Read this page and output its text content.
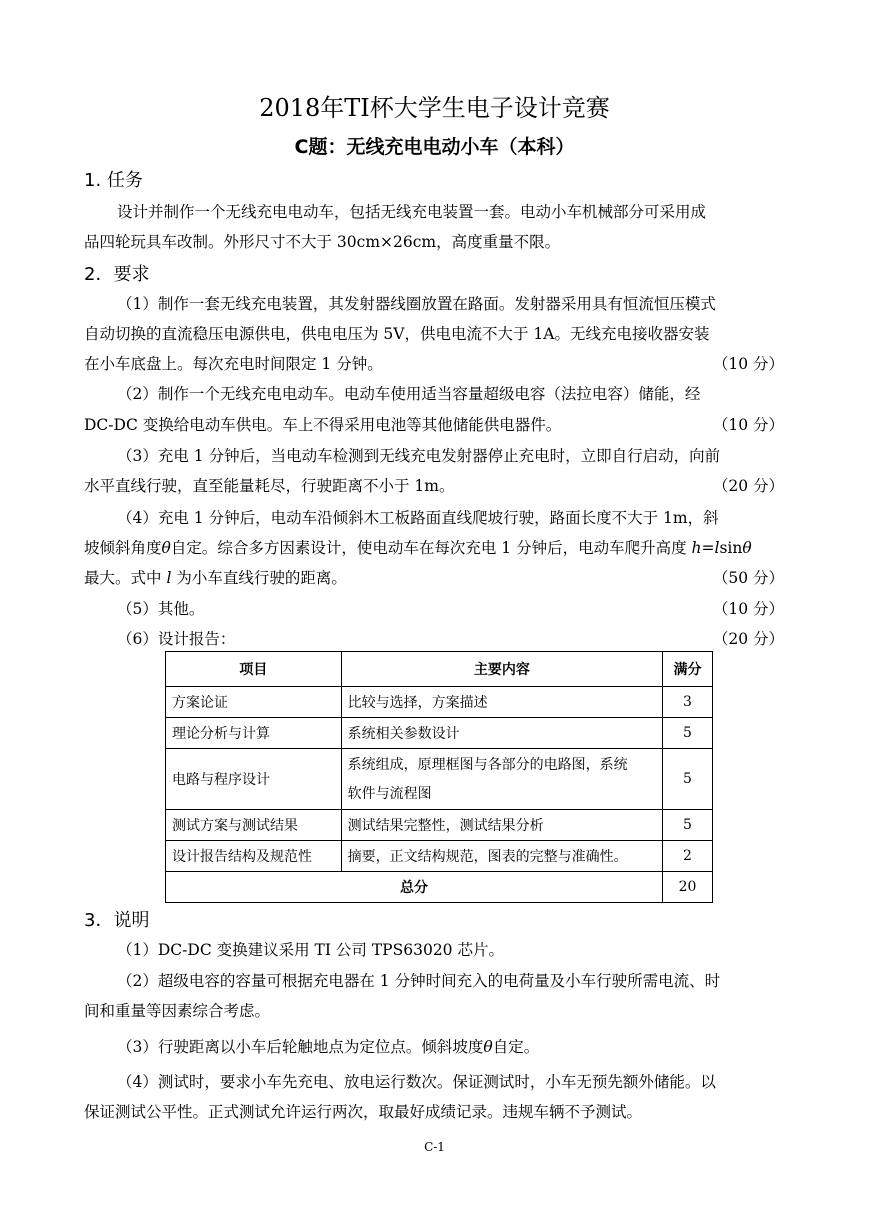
2018年TI杯大学生电子设计竞赛
C题：无线充电电动小车（本科）
1. 任务
设计并制作一个无线充电电动车，包括无线充电装置一套。电动小车机械部分可采用成
品四轮玩具车改制。外形尺寸不大于 30cm×26cm，高度重量不限。
2．要求
（1）制作一套无线充电装置，其发射器线圈放置在路面。发射器采用具有恒流恒压模式
自动切换的直流稳压电源供电，供电电压为 5V，供电电流不大于 1A。无线充电接收器安装
在小车底盘上。每次充电时间限定 1 分钟。	（10 分）
（2）制作一个无线充电电动车。电动车使用适当容量超级电容（法拉电容）储能，经
DC-DC 变换给电动车供电。车上不得采用电池等其他储能供电器件。	（10 分）
（3）充电 1 分钟后，当电动车检测到无线充电发射器停止充电时，立即自行启动，向前
水平直线行驶，直至能量耗尽，行驶距离不小于 1m。	（20 分）
（4）充电 1 分钟后，电动车沿倾斜木工板路面直线爬坡行驶，路面长度不大于 1m，斜
坡倾斜角度θ自定。综合多方因素设计，使电动车在每次充电 1 分钟后，电动车爬升高度 h=lsinθ
最大。式中 l 为小车直线行驶的距离。	（50 分）
（5）其他。	（10 分）
（6）设计报告：	（20 分）
项目	主要内容	满分
方案论证	比较与选择，方案描述	3
理论分析与计算	系统相关参数设计	5
电路与程序设计	系统组成，原理框图与各部分的电路图，系统
软件与流程图	5
测试方案与测试结果	测试结果完整性，测试结果分析	5
设计报告结构及规范性	摘要，正文结构规范，图表的完整与准确性。	2
总分		20
3．说明
（1）DC-DC 变换建议采用 TI 公司 TPS63020 芯片。
（2）超级电容的容量可根据充电器在 1 分钟时间充入的电荷量及小车行驶所需电流、时
间和重量等因素综合考虑。
（3）行驶距离以小车后轮触地点为定位点。倾斜坡度θ自定。
（4）测试时，要求小车先充电、放电运行数次。保证测试时，小车无预先额外储能。以
保证测试公平性。正式测试允许运行两次，取最好成绩记录。违规车辆不予测试。
C-1
